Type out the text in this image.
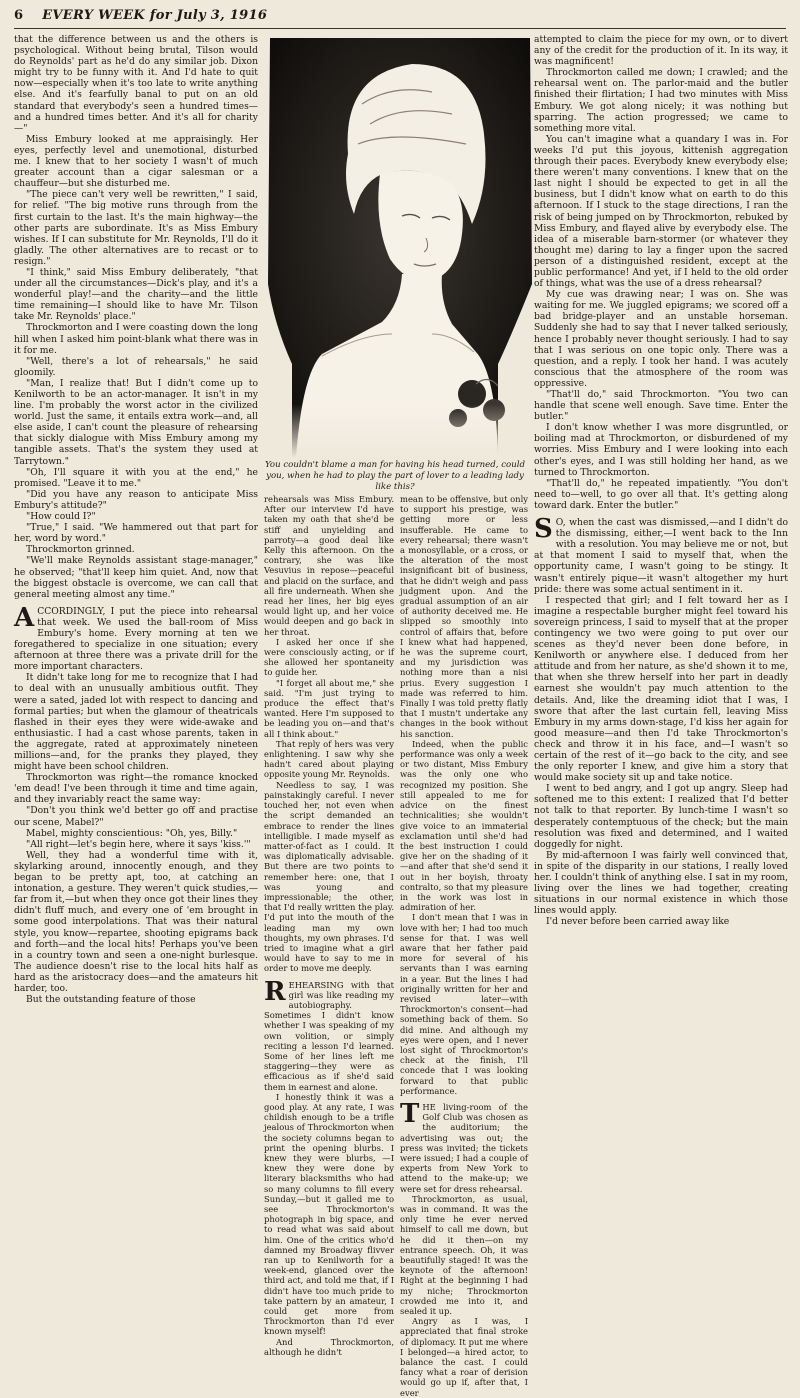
6 EVERY WEEK for July 3, 1916

that the difference between us and the others is psychological. Without being brutal, Tilson would do Reynolds' part as he'd do any similar job. Dixon might try to be funny with it. And I'd hate to quit now—especially when it's too late to write anything else. And it's fearfully banal to put on an old standard that everybody's seen a hundred times—and a hundred times better. And it's all for charity—"

Miss Embury looked at me appraisingly. Her eyes, perfectly level and unemotional, disturbed me. I knew that to her society I wasn't of much greater account than a cigar salesman or a chauffeur—but she disturbed me.

"The piece can't very well be rewritten," I said, for relief. "The big motive runs through from the first curtain to the last. It's the main highway—the other parts are subordinate. It's as Miss Embury wishes. If I can substitute for Mr. Reynolds, I'll do it gladly. The other alternatives are to recast or to resign."

"I think," said Miss Embury deliberately, "that under all the circumstances—Dick's play, and it's a wonderful play!—and the charity—and the little time remaining—I should like to have Mr. Tilson take Mr. Reynolds' place."

Throckmorton and I were coasting down the long hill when I asked him point-blank what there was in it for me.

"Well, there's a lot of rehearsals," he said gloomily.

"Man, I realize that! But I didn't come up to Kenilworth to be an actor-manager. It isn't in my line. I'm probably the worst actor in the civilized world. Just the same, it entails extra work—and, all else aside, I can't count the pleasure of rehearsing that sickly dialogue with Miss Embury among my tangible assets. That's the system they used at Tarrytown."

"Oh, I'll square it with you at the end," he promised. "Leave it to me."

"Did you have any reason to anticipate Miss Embury's attitude?"

"How could I?"

"True," I said. "We hammered out that part for her, word by word."

Throckmorton grinned.

"We'll make Reynolds assistant stage-manager," he observed; "that'll keep him quiet. And, now that the biggest obstacle is overcome, we can call that general meeting almost any time."

ACCORDINGLY, I put the piece into rehearsal that week. We used the ball-room of Miss Embury's home. Every morning at ten we foregathered to specialize in one situation; every afternoon at three there was a private drill for the more important characters.

It didn't take long for me to recognize that I had to deal with an unusually ambitious outfit. They were a sated, jaded lot with respect to dancing and formal parties; but when the glamour of theatricals flashed in their eyes they were wide-awake and enthusiastic. I had a cast whose parents, taken in the aggregate, rated at approximately nineteen millions—and, for the pranks they played, they might have been school children.

Throckmorton was right—the romance knocked 'em dead! I've been through it time and time again, and they invariably react the same way:

"Don't you think we'd better go off and practise our scene, Mabel?"

Mabel, mighty conscientious: "Oh, yes, Billy."

"All right—let's begin here, where it says 'kiss.'"

Well, they had a wonderful time with it, skylarking around, innocently enough, and they began to be pretty apt, too, at catching an intonation, a gesture. They weren't quick studies,—far from it,—but when they once got their lines they didn't fluff much, and every one of 'em brought in some good interpolations. That was their natural style, you know—repartee, shooting epigrams back and forth—and the local hits! Perhaps you've been in a country town and seen a one-night burlesque. The audience doesn't rise to the local hits half as hard as the aristocracy does—and the amateurs hit harder, too.

But the outstanding feature of those

You couldn't blame a man for having his head turned, could you, when he had to play the part of lover to a leading lady like this?

rehearsals was Miss Embury. After our interview I'd have taken my oath that she'd be stiff and unyielding and parroty—a good deal like Kelly this afternoon. On the contrary, she was like Vesuvius in repose—peaceful and placid on the surface, and all fire underneath. When she read her lines, her big eyes would light up, and her voice would deepen and go back in her throat.

I asked her once if she were consciously acting, or if she allowed her spontaneity to guide her.

"I forget all about me," she said. "I'm just trying to produce the effect that's wanted. Here I'm supposed to be leading you on—and that's all I think about."

That reply of hers was very enlightening. I saw why she hadn't cared about playing opposite young Mr. Reynolds.

Needless to say, I was painstakingly careful. I never touched her, not even when the script demanded an embrace to render the lines intelligible. I made myself as matter-of-fact as I could. It was diplomatically advisable. But there are two points to remember here: one, that I was young and impressionable; the other, that I'd really written the play. I'd put into the mouth of the leading man my own thoughts, my own phrases. I'd tried to imagine what a girl would have to say to me in order to move me deeply.

REHEARSING with that girl was like reading my autobiography. Sometimes I didn't know whether I was speaking of my own volition, or simply reciting a lesson I'd learned. Some of her lines left me staggering—they were as efficacious as if she'd said them in earnest and alone.

I honestly think it was a good play. At any rate, I was childish enough to be a trifle jealous of Throckmorton when the society columns began to print the opening blurbs. I knew they were blurbs, —I knew they were done by literary blacksmiths who had so many columns to fill every Sunday,—but it galled me to see Throckmorton's photograph in big space, and to read what was said about him. One of the critics who'd damned my Broadway flivver ran up to Kenilworth for a week-end, glanced over the third act, and told me that, if I didn't have too much pride to take pattern by an amateur, I could get more from Throckmorton than I'd ever known myself!

And Throckmorton, although he didn't

mean to be offensive, but only to support his prestige, was getting more or less insufferable. He came to every rehearsal; there wasn't a monosyllable, or a cross, or the alteration of the most insignificant bit of business, that he didn't weigh and pass judgment upon. And the gradual assumption of an air of authority deceived me. He slipped so smoothly into control of affairs that, before I knew what had happened, he was the supreme court, and my jurisdiction was nothing more than a nisi prius. Every suggestion I made was referred to him. Finally I was told pretty flatly that I mustn't undertake any changes in the book without his sanction.

Indeed, when the public performance was only a week or two distant, Miss Embury was the only one who recognized my position. She still appealed to me for advice on the finest technicalities; she wouldn't give voice to an immaterial exclamation until she'd had the best instruction I could give her on the shading of it—and after that she'd send it out in her boyish, throaty contralto, so that my pleasure in the work was lost in admiration of her.

I don't mean that I was in love with her; I had too much sense for that. I was well aware that her father paid more for several of his servants than I was earning in a year. But the lines I had originally written for her and revised later—with Throckmorton's consent—had something back of them. So did mine. And although my eyes were open, and I never lost sight of Throckmorton's check at the finish, I'll concede that I was looking forward to that public performance.

THE living-room of the Golf Club was chosen as the auditorium; the advertising was out; the press was invited; the tickets were issued; I had a couple of experts from New York to attend to the make-up; we were set for dress rehearsal.

Throckmorton, as usual, was in command. It was the only time he ever nerved himself to call me down, but he did it then—on my entrance speech. Oh, it was beautifully staged! It was the keynote of the afternoon! Right at the beginning I had my niche; Throckmorton crowded me into it, and sealed it up.

Angry as I was, I appreciated that final stroke of diplomacy. It put me where I belonged—a hired actor, to balance the cast. I could fancy what a roar of derision would go up if, after that, I ever

attempted to claim the piece for my own, or to divert any of the credit for the production of it. In its way, it was magnificent!

Throckmorton called me down; I crawled; and the rehearsal went on. The parlor-maid and the butler finished their flirtation; I had two minutes with Miss Embury. We got along nicely; it was nothing but sparring. The action progressed; we came to something more vital.

You can't imagine what a quandary I was in. For weeks I'd put this joyous, kittenish aggregation through their paces. Everybody knew everybody else; there weren't many conventions. I knew that on the last night I should be expected to get in all the business, but I didn't know what on earth to do this afternoon. If I stuck to the stage directions, I ran the risk of being jumped on by Throckmorton, rebuked by Miss Embury, and flayed alive by everybody else. The idea of a miserable barn-stormer (or whatever they thought me) daring to lay a finger upon the sacred person of a distinguished resident, except at the public performance! And yet, if I held to the old order of things, what was the use of a dress rehearsal?

My cue was drawing near; I was on. She was waiting for me. We juggled epigrams; we scored off a bad bridge-player and an unstable horseman. Suddenly she had to say that I never talked seriously, hence I probably never thought seriously. I had to say that I was serious on one topic only. There was a question, and a reply. I took her hand. I was acutely conscious that the atmosphere of the room was oppressive.

"That'll do," said Throckmorton. "You two can handle that scene well enough. Save time. Enter the butler."

I don't know whether I was more disgruntled, or boiling mad at Throckmorton, or disburdened of my worries. Miss Embury and I were looking into each other's eyes, and I was still holding her hand, as we turned to Throckmorton.

"That'll do," he repeated impatiently. "You don't need to—well, to go over all that. It's getting along toward dark. Enter the butler."

SO, when the cast was dismissed,—and I didn't do the dismissing, either,—I went back to the Inn with a resolution. You may believe me or not, but at that moment I said to myself that, when the opportunity came, I wasn't going to be stingy. It wasn't entirely pique—it wasn't altogether my hurt pride: there was some actual sentiment in it.

I respected that girl; and I felt toward her as I imagine a respectable burgher might feel toward his sovereign princess, I said to myself that at the proper contingency we two were going to put over our scenes as they'd never been done before, in Kenilworth or anywhere else. I deduced from her attitude and from her nature, as she'd shown it to me, that when she threw herself into her part in deadly earnest she wouldn't pay much attention to the details. And, like the dreaming idiot that I was, I swore that after the last curtain fell, leaving Miss Embury in my arms down-stage, I'd kiss her again for good measure—and then I'd take Throckmorton's check and throw it in his face, and—I wasn't so certain of the rest of it—go back to the city, and see the only reporter I knew, and give him a story that would make society sit up and take notice.

I went to bed angry, and I got up angry. Sleep had softened me to this extent: I realized that I'd better not talk to that reporter. By lunch-time I wasn't so desperately contemptuous of the check; but the main resolution was fixed and determined, and I waited doggedly for night.

By mid-afternoon I was fairly well convinced that, in spite of the disparity in our stations, I really loved her. I couldn't think of anything else. I sat in my room, living over the lines we had together, creating situations in our normal existence in which those lines would apply.

I'd never before been carried away like
